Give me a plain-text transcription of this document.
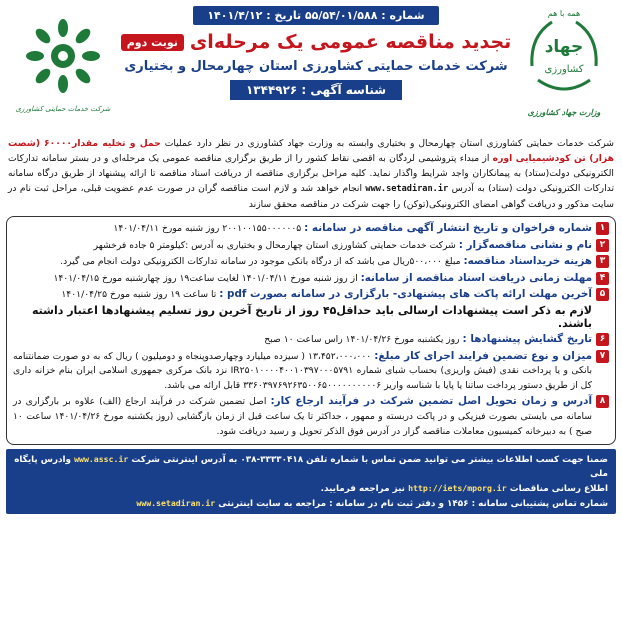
همه با هم
جهاد
کشاورزی
وزارت جهاد کشاورزی
شماره : ۵۵/۵۴/۰۱/۵۸۸ تاریخ : ۱۴۰۱/۴/۱۲
تجدید مناقصه عمومی یک مرحله‌ای
نوبت دوم
شرکت خدمات حمایتی کشاورزی استان چهارمحال و بختیاری
شناسه آگهی : ۱۳۴۴۹۲۶
شرکت خدمات حمایتی کشاورزی
شرکت خدمات حمایتی کشاورزی استان چهارمحال و بختیاری وابسته به وزارت جهاد کشاورزی در نظر دارد عملیات حمل و تخلیه مقدار۶۰۰۰۰ (شصت هزار) تن کودشیمیایی اوره از مبداء پتروشیمی لردگان به اقصی نقاط کشور را از طریق برگزاری مناقصه عمومی یک مرحله‌ای و در بستر سامانه تدارکات الکترونیکی دولت(ستاد) به پیمانکاران واجد شرایط واگذار نماید. کلیه مراحل برگزاری مناقصه از دریافت اسناد مناقصه تا ارائه پیشنهاد از طریق درگاه سامانه تدارکات الکترونیکی دولت (ستاد) به آدرس www.setadiran.ir انجام خواهد شد و لازم است مناقصه گران در صورت عدم عضویت قبلی، مراحل ثبت نام در سایت مذکور و دریافت گواهی امضای الکترونیکی(توکن) را جهت شرکت در مناقصه محقق سازند
۱
شماره فراخوان و تاریخ انتشار آگهی مناقصه در سامانه : ۲۰۰۱۰۰۱۵۵۰۰۰۰۰۰۵ روز شنبه مورخ ۱۴۰۱/۰۴/۱۱
۲
نام و نشانی مناقصه‌گزار : شرکت خدمات حمایتی کشاورزی استان چهارمحال و بختیاری به آدرس :کیلومتر ۵ جاده فرخشهر
۳
هزینه خریداسناد مناقصه: مبلغ ۵۰۰،۰۰۰ریال می باشد که از درگاه بانکی موجود در سامانه تدارکات الکترونیکی دولت انجام می گیرد.
۴
مهلت زمانی دریافت اسناد مناقصه از سامانه: از روز شنبه مورخ ۱۴۰۱/۰۴/۱۱ لغایت ساعت۱۹ روز چهارشنبه مورخ ۱۴۰۱/۰۴/۱۵
۵
آخرین مهلت ارائه پاکت های پیشنهادی- بارگزاری در سامانه بصورت pdf : تا ساعت ۱۹ روز شنبه مورخ ۱۴۰۱/۰۴/۲۵
لازم به ذکر است پیشنهادات ارسالی باید حداقل۴۵ روز از تاریخ آخرین روز تسلیم پیشنهادها اعتبار داشته باشند.
۶
تاریخ گشایش پیشنهادها : روز یکشنبه مورخ ۱۴۰۱/۰۴/۲۶ راس ساعت ۱۰ صبح
۷
میزان و نوع تضمین فرایند اجرای کار مبلغ: ۱۳،۴۵۲،۰۰۰،۰۰۰ ( سیزده میلیارد وچهارصدوپنجاه و دومیلیون ) ریال که به دو صورت ضمانتنامه بانکی و یا پرداخت نقدی (فیش واریزی) بحساب شبای شماره IR۲۵۰۱۰۰۰۰۴۰۰۱۰۳۹۷۰۰۰۵۷۹۱ نزد بانک مرکزی جمهوری اسلامی ایران بنام خزانه داری کل از طریق دستور پرداخت ساتنا یا پایا با شناسه واریز ۳۳۶۰۳۹۷۶۹۲۶۳۵۰۰۶۵۰۰۰۰۰۰۰۰۰۰۶ قابل ارائه می باشد.
۸
آدرس و زمان تحویل اصل تضمین شرکت در فرآیند ارجاع کار: اصل تضمین شرکت در فرآیند ارجاع (الف) علاوه بر بارگزاری در سامانه می بایستی بصورت فیزیکی و در پاکت دربسته و ممهور ، حداکثر تا یک ساعت قبل از زمان بازگشایی (روز یکشنبه مورخ ۱۴۰۱/۰۴/۲۶ ساعت ۱۰ صبح ) به دبیرخانه کمیسیون معاملات مناقصه گزار در آدرس فوق الذکر تحویل و رسید دریافت شود.
ضمنا جهت کسب اطلاعات بیشتر می توانید ضمن تماس با شماره تلفن ۳۳۳۳۰۴۱۸-۰۳۸ به آدرس اینترنتی شرکت www.assc.ir وادرس پایگاه ملی
اطلاع رسانی مناقصات http://iets/mporg.ir نیز مراجعه فرمایید.
شماره تماس پشتیبانی سامانه : ۱۴۵۶ و دفتر ثبت نام در سامانه : مراجعه به سایت اینترنتی www.setadiran.ir
